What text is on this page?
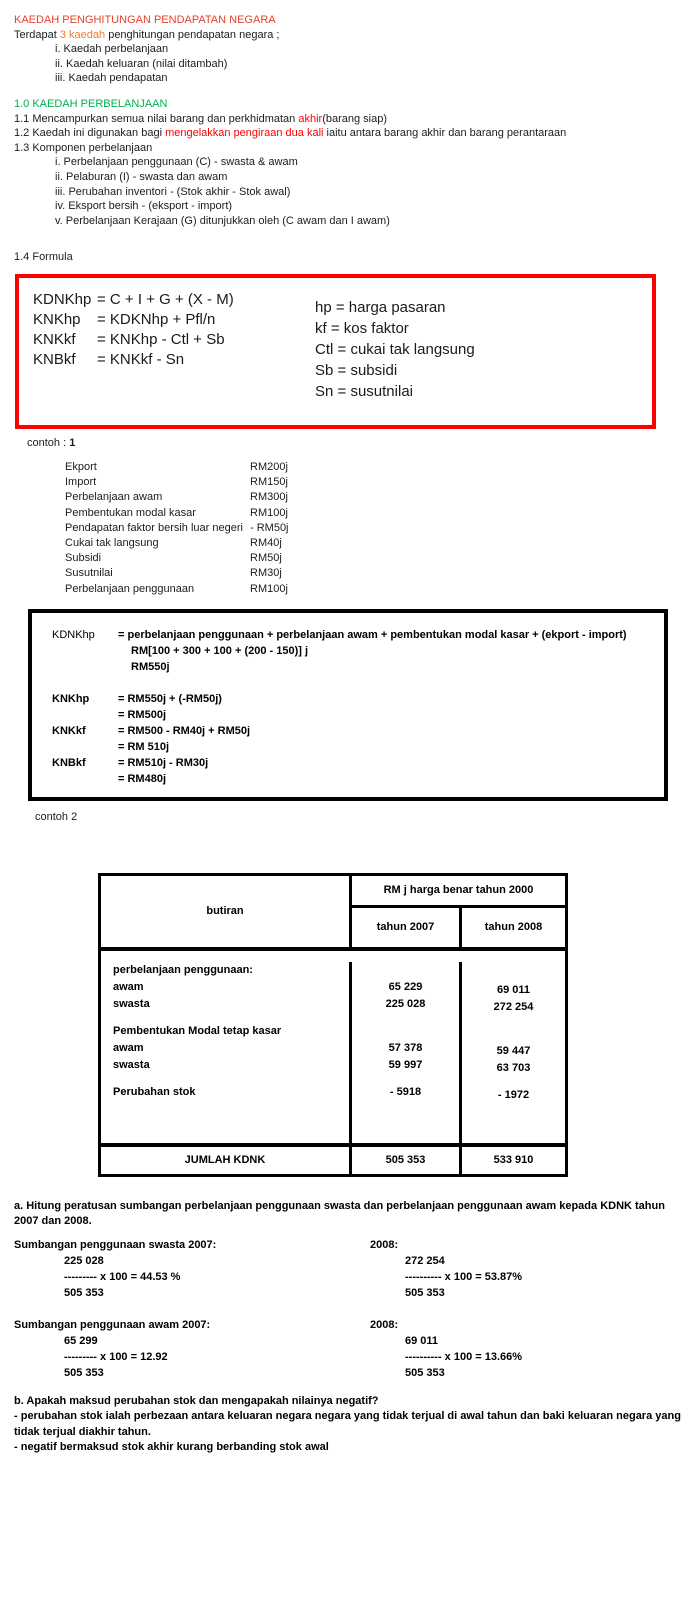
KAEDAH PENGHITUNGAN PENDAPATAN NEGARA
Terdapat 3 kaedah penghitungan pendapatan negara ;
i. Kaedah perbelanjaan
ii. Kaedah keluaran (nilai ditambah)
iii. Kaedah pendapatan
1.0 KAEDAH PERBELANJAAN
1.1 Mencampurkan semua nilai barang dan perkhidmatan akhir(barang siap)
1.2 Kaedah ini digunakan bagi mengelakkan pengiraan dua kali iaitu antara barang akhir dan barang perantaraan
1.3 Komponen perbelanjaan
i. Perbelanjaan penggunaan (C) - swasta & awam
ii. Pelaburan (I) - swasta dan awam
iii. Perubahan inventori - (Stok akhir - Stok awal)
iv. Eksport bersih - (eksport - import)
v. Perbelanjaan Kerajaan (G) ditunjukkan oleh (C awam dan I awam)
1.4 Formula
KDNKhp = C + I + G + (X - M)
KNKhp = KDKNhp + Pfl/n
KNKkf = KNKhp - Ctl + Sb
KNBkf = KNKkf - Sn
hp = harga pasaran
kf = kos faktor
Ctl = cukai tak langsung
Sb = subsidi
Sn = susutnilai
contoh : 1
Ekport	RM200j
Import	RM150j
Perbelanjaan awam	RM300j
Pembentukan modal kasar	RM100j
Pendapatan faktor bersih luar negeri - RM50j
Cukai tak langsung	RM40j
Subsidi	RM50j
Susutnilai	RM30j
Perbelanjaan penggunaan	RM100j
KDNKhp	= perbelanjaan penggunaan + perbelanjaan awam + pembentukan modal kasar + (ekport - import)
RM[100 + 300 + 100 + (200 - 150)] j
RM550j
KNKhp	= RM550j + (-RM50j)
= RM500j
KNKkf	= RM500 - RM40j + RM50j
= RM 510j
KNBkf	= RM510j - RM30j
= RM480j
contoh 2
butiran
RM j harga benar tahun 2000
tahun 2007	tahun 2008
perbelanjaan penggunaan:
awam	65 229	69 011
swasta	225 028	272 254
Pembentukan Modal tetap kasar
awam	57 378	59 447
swasta	59 997	63 703
Perubahan stok	- 5918	- 1972
JUMLAH KDNK	505 353	533 910
a. Hitung peratusan sumbangan perbelanjaan penggunaan swasta dan perbelanjaan penggunaan awam kepada KDNK tahun 2007 dan 2008.
Sumbangan penggunaan swasta 2007:
225 028
--------- x 100 = 44.53 %
505 353
2008:
272 254
---------- x 100 = 53.87%
505 353
Sumbangan penggunaan awam 2007:
65 299
--------- x 100 = 12.92
505 353
2008:
69 011
---------- x 100 = 13.66%
505 353
b. Apakah maksud perubahan stok dan mengapakah nilainya negatif?
- perubahan stok ialah perbezaan antara keluaran negara negara yang tidak terjual di awal tahun dan baki keluaran negara yang tidak terjual diakhir tahun.
- negatif bermaksud stok akhir kurang berbanding stok awal
